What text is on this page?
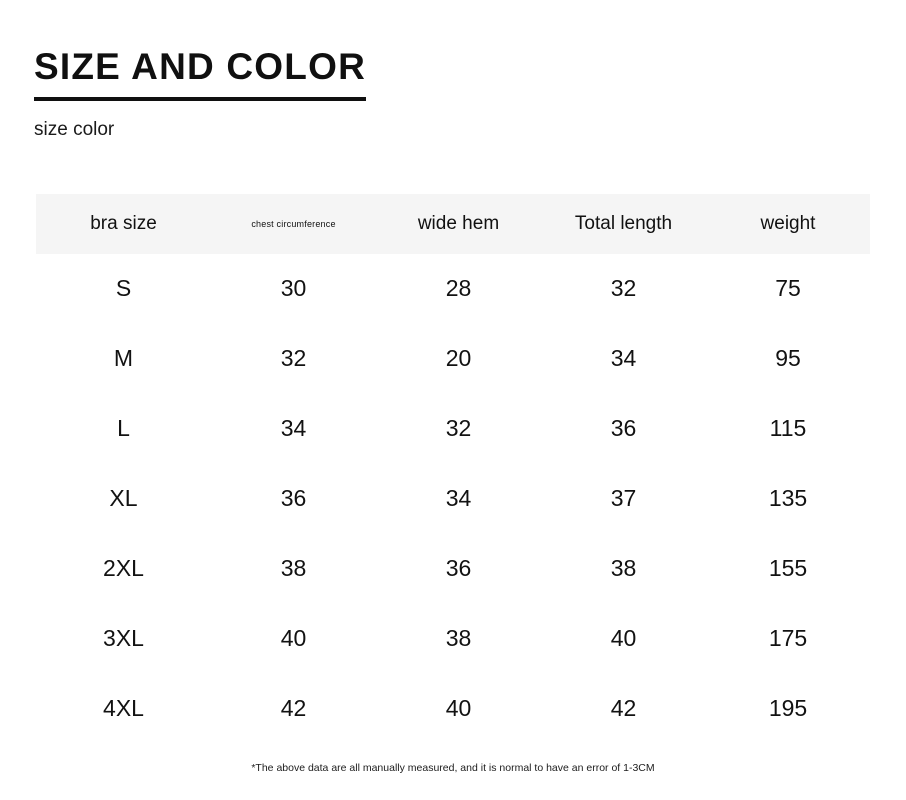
SIZE AND COLOR

size color

bra size	chest circumference	wide hem	Total length	weight
S	30	28	32	75
M	32	20	34	95
L	34	32	36	115
XL	36	34	37	135
2XL	38	36	38	155
3XL	40	38	40	175
4XL	42	40	42	195
*The above data are all manually measured, and it is normal to have an error of 1-3CM
